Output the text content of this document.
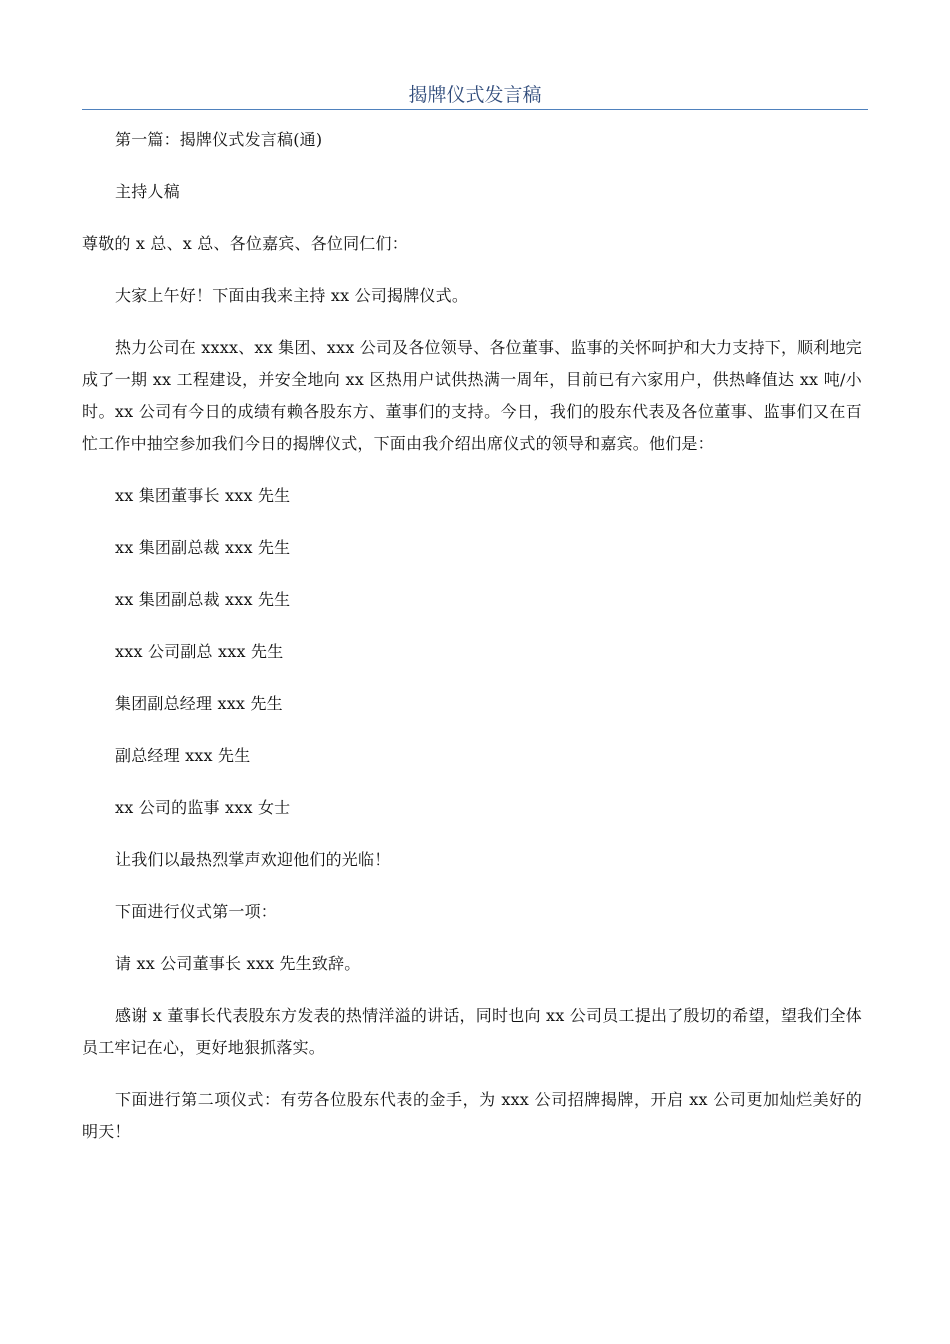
揭牌仪式发言稿

第一篇：揭牌仪式发言稿(通)

主持人稿

尊敬的 x 总、x 总、各位嘉宾、各位同仁们：

大家上午好！下面由我来主持 xx 公司揭牌仪式。

热力公司在 xxxx、xx 集团、xxx 公司及各位领导、各位董事、监事的关怀呵护和大力支持下，顺利地完成了一期 xx 工程建设，并安全地向 xx 区热用户试供热满一周年，目前已有六家用户，供热峰值达 xx 吨/小时。xx 公司有今日的成绩有赖各股东方、董事们的支持。今日，我们的股东代表及各位董事、监事们又在百忙工作中抽空参加我们今日的揭牌仪式，下面由我介绍出席仪式的领导和嘉宾。他们是：

xx 集团董事长 xxx 先生

xx 集团副总裁 xxx 先生

xx 集团副总裁 xxx 先生

xxx 公司副总 xxx 先生

集团副总经理 xxx 先生

副总经理 xxx 先生

xx 公司的监事 xxx 女士

让我们以最热烈掌声欢迎他们的光临！

下面进行仪式第一项：

请 xx 公司董事长 xxx 先生致辞。

感谢 x 董事长代表股东方发表的热情洋溢的讲话，同时也向 xx 公司员工提出了殷切的希望，望我们全体员工牢记在心，更好地狠抓落实。

下面进行第二项仪式：有劳各位股东代表的金手，为 xxx 公司招牌揭牌，开启 xx 公司更加灿烂美好的明天！
